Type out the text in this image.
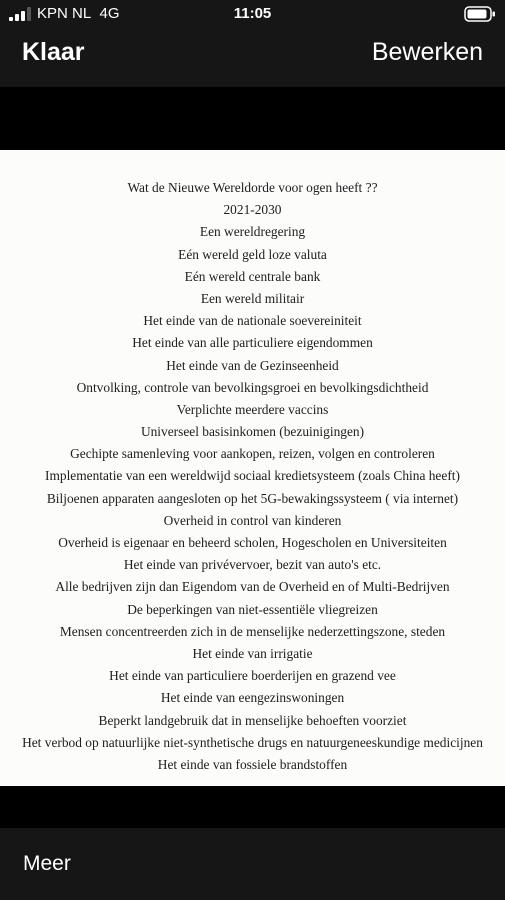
KPN NL 4G	11:05
Klaar	Bewerken
Wat de Nieuwe Wereldorde voor ogen heeft ??
2021-2030
Een wereldregering
Eén wereld geld loze valuta
Eén wereld centrale bank
Een wereld militair
Het einde van de nationale soevereiniteit
Het einde van alle particuliere eigendommen
Het einde van de Gezinseenheid
Ontvolking, controle van bevolkingsgroei en bevolkingsdichtheid
Verplichte meerdere vaccins
Universeel basisinkomen (bezuinigingen)
Gechipte samenleving voor aankopen, reizen, volgen en controleren
Implementatie van een wereldwijd sociaal kredietsysteem (zoals China heeft)
Biljoenen apparaten aangesloten op het 5G-bewakingssysteem ( via internet)
Overheid in control van kinderen
Overheid is eigenaar en beheerd scholen, Hogescholen en Universiteiten
Het einde van privévervoer, bezit van auto's etc.
Alle bedrijven zijn dan Eigendom van de Overheid en of Multi-Bedrijven
De beperkingen van niet-essentiële vliegreizen
Mensen concentreerden zich in de menselijke nederzettingszone, steden
Het einde van irrigatie
Het einde van particuliere boerderijen en grazend vee
Het einde van eengezinswoningen
Beperkt landgebruik dat in menselijke behoeften voorziet
Het verbod op natuurlijke niet-synthetische drugs en natuurgeneeskundige medicijnen
Het einde van fossiele brandstoffen
Meer
